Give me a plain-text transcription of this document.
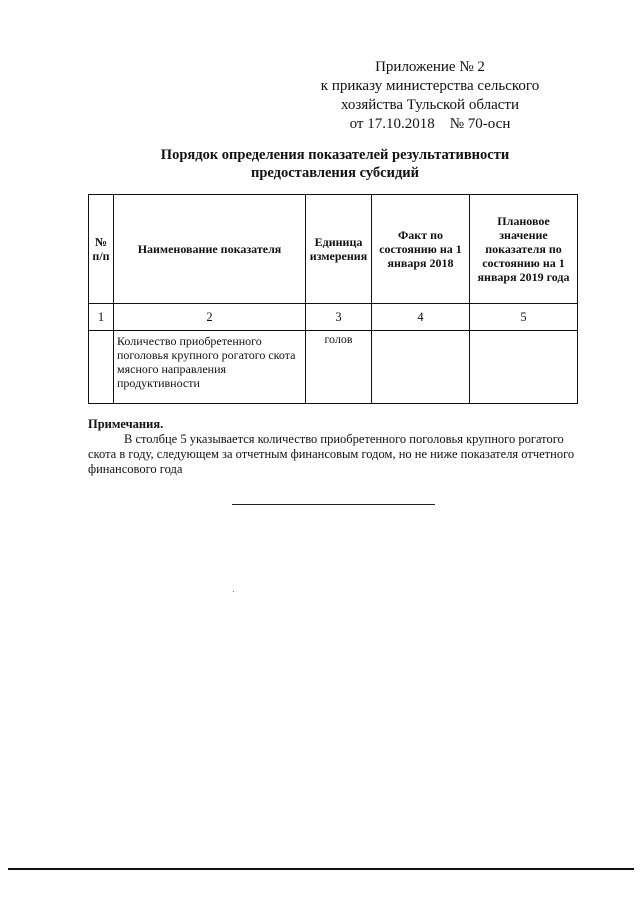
Приложение № 2
к приказу министерства сельского
хозяйства Тульской области
от 17.10.2018    № 70-осн
Порядок определения показателей результативности
предоставления субсидий
№ п/п	Наименование показателя	Единица измерения	Факт по состоянию на 1 января 2018	Плановое значение показателя по состоянию на 1 января 2019 года
1	2	3	4	5
	Количество приобретенного поголовья крупного рогатого скота мясного направления продуктивности	голов		
Примечания.
В столбце 5 указывается количество приобретенного поголовья крупного рогатого скота в году, следующем за отчетным финансовым годом, но не ниже показателя отчетного финансового года
